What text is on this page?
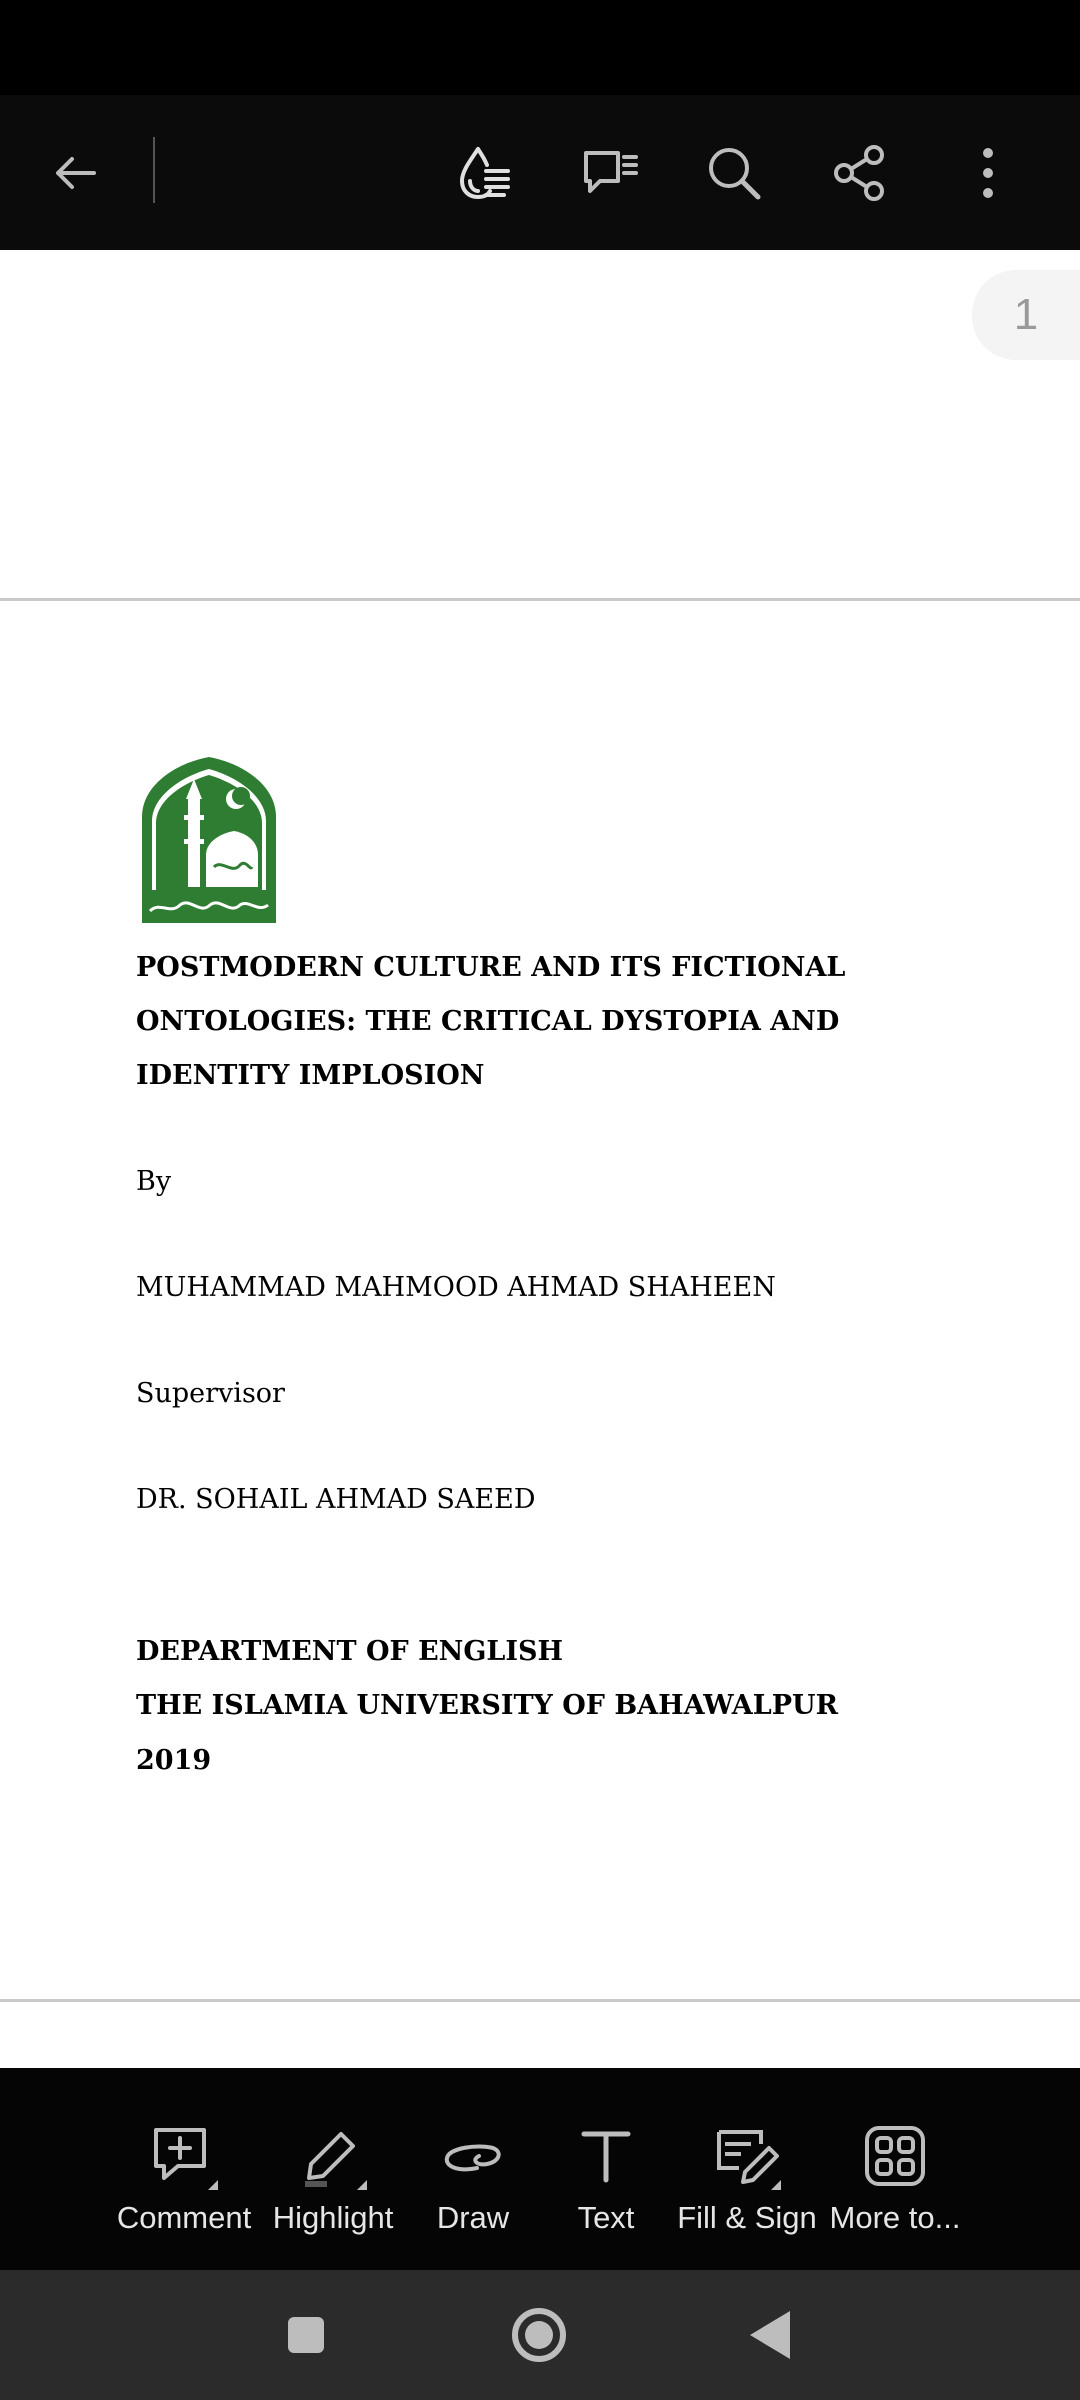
1
POSTMODERN CULTURE AND ITS FICTIONAL
ONTOLOGIES: THE CRITICAL DYSTOPIA AND
IDENTITY IMPLOSION
By
MUHAMMAD MAHMOOD AHMAD SHAHEEN
Supervisor
DR. SOHAIL AHMAD SAEED
DEPARTMENT OF ENGLISH
THE ISLAMIA UNIVERSITY OF BAHAWALPUR
2019
Comment Highlight	Draw	Text	Fill & Sign More to...
